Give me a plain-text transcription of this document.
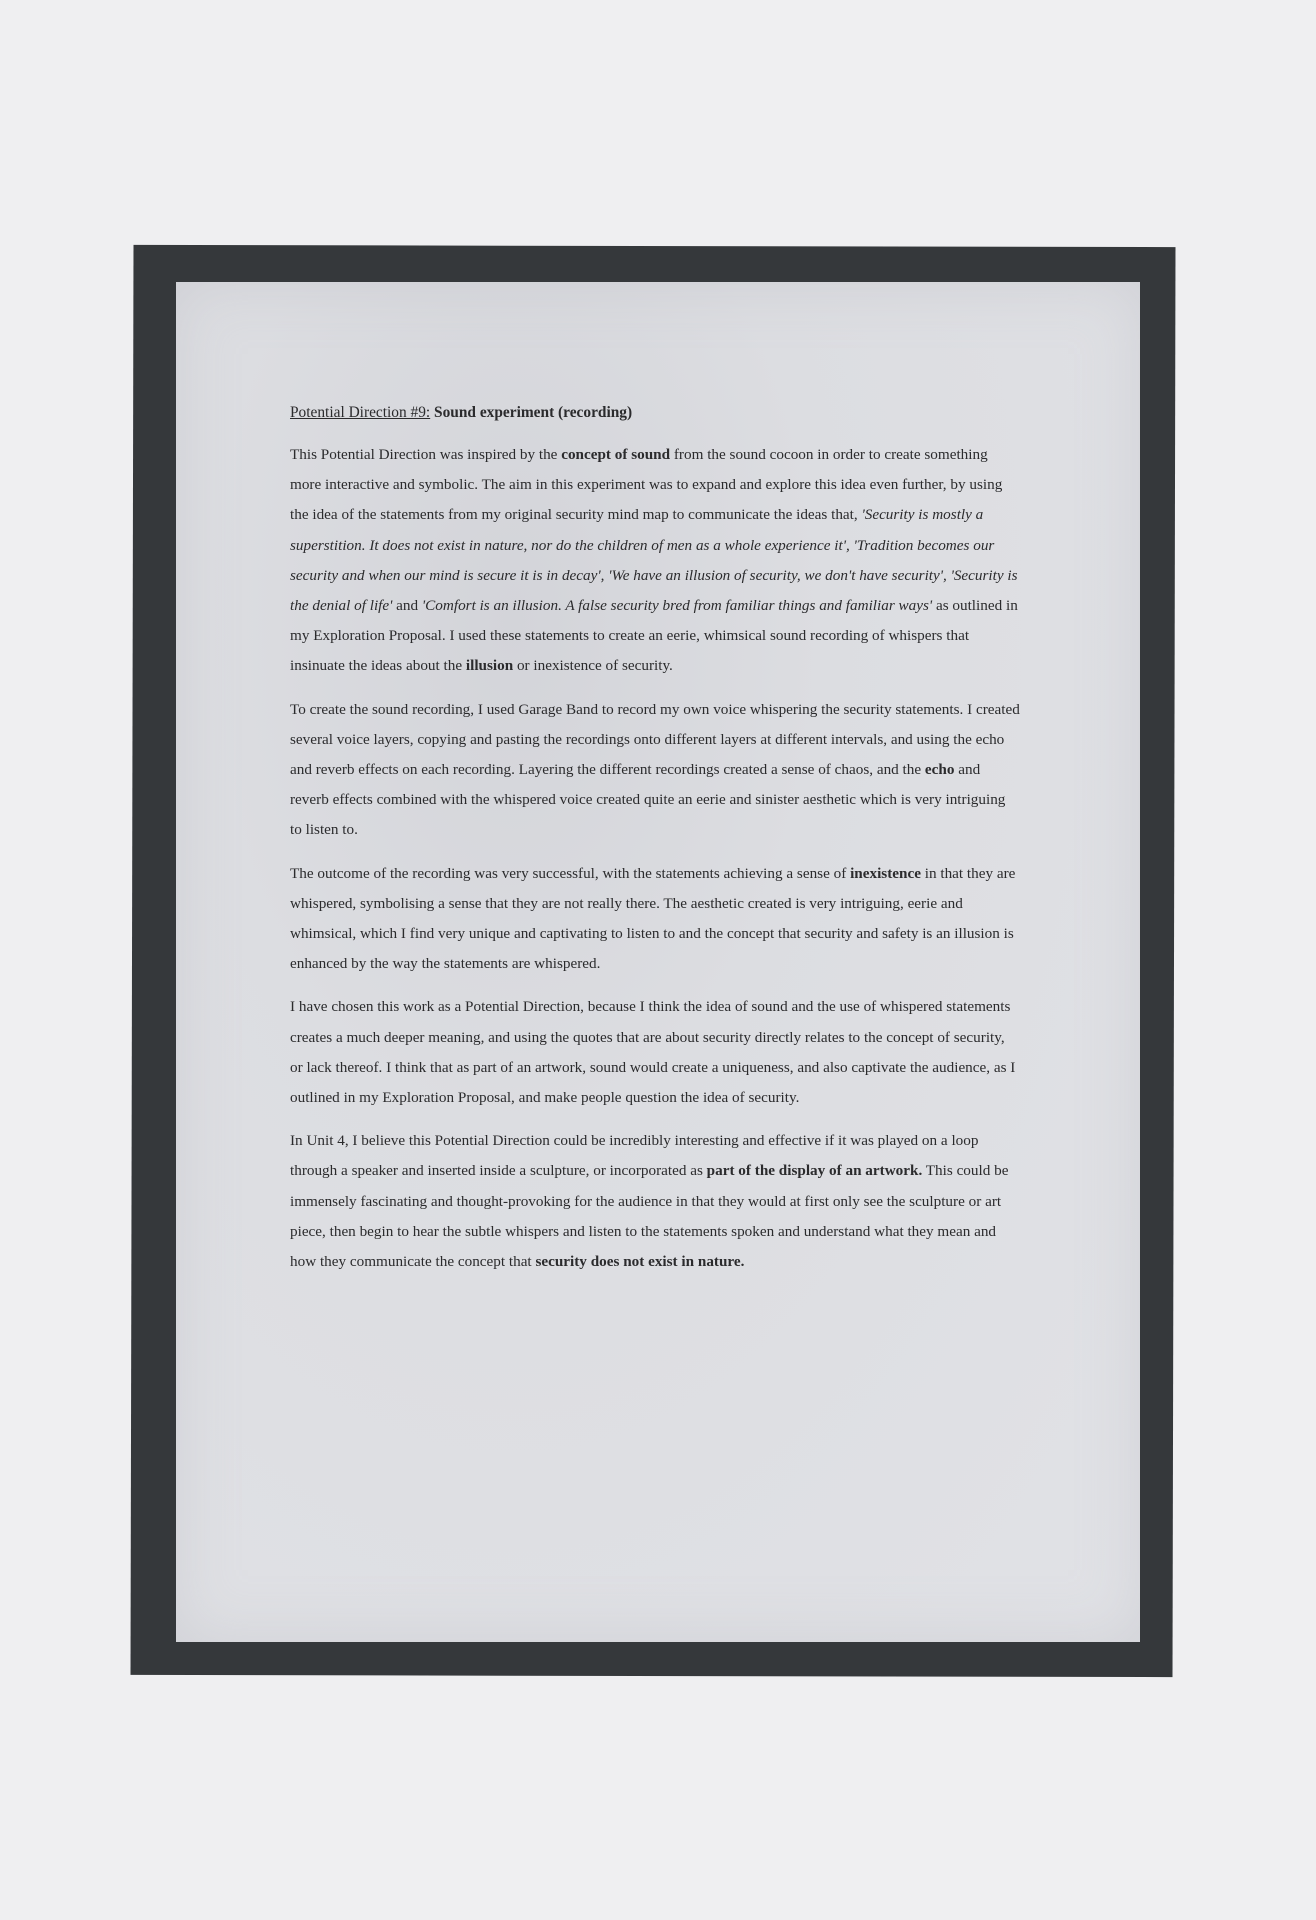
Potential Direction #9: Sound experiment (recording)

This Potential Direction was inspired by the concept of sound from the sound cocoon in order to create something more interactive and symbolic. The aim in this experiment was to expand and explore this idea even further, by using the idea of the statements from my original security mind map to communicate the ideas that, 'Security is mostly a superstition. It does not exist in nature, nor do the children of men as a whole experience it', 'Tradition becomes our security and when our mind is secure it is in decay', 'We have an illusion of security, we don't have security', 'Security is the denial of life' and 'Comfort is an illusion. A false security bred from familiar things and familiar ways' as outlined in my Exploration Proposal. I used these statements to create an eerie, whimsical sound recording of whispers that insinuate the ideas about the illusion or inexistence of security.

To create the sound recording, I used Garage Band to record my own voice whispering the security statements. I created several voice layers, copying and pasting the recordings onto different layers at different intervals, and using the echo and reverb effects on each recording. Layering the different recordings created a sense of chaos, and the echo and reverb effects combined with the whispered voice created quite an eerie and sinister aesthetic which is very intriguing to listen to.

The outcome of the recording was very successful, with the statements achieving a sense of inexistence in that they are whispered, symbolising a sense that they are not really there. The aesthetic created is very intriguing, eerie and whimsical, which I find very unique and captivating to listen to and the concept that security and safety is an illusion is enhanced by the way the statements are whispered.

I have chosen this work as a Potential Direction, because I think the idea of sound and the use of whispered statements creates a much deeper meaning, and using the quotes that are about security directly relates to the concept of security, or lack thereof. I think that as part of an artwork, sound would create a uniqueness, and also captivate the audience, as I outlined in my Exploration Proposal, and make people question the idea of security.

In Unit 4, I believe this Potential Direction could be incredibly interesting and effective if it was played on a loop through a speaker and inserted inside a sculpture, or incorporated as part of the display of an artwork. This could be immensely fascinating and thought-provoking for the audience in that they would at first only see the sculpture or art piece, then begin to hear the subtle whispers and listen to the statements spoken and understand what they mean and how they communicate the concept that security does not exist in nature.
